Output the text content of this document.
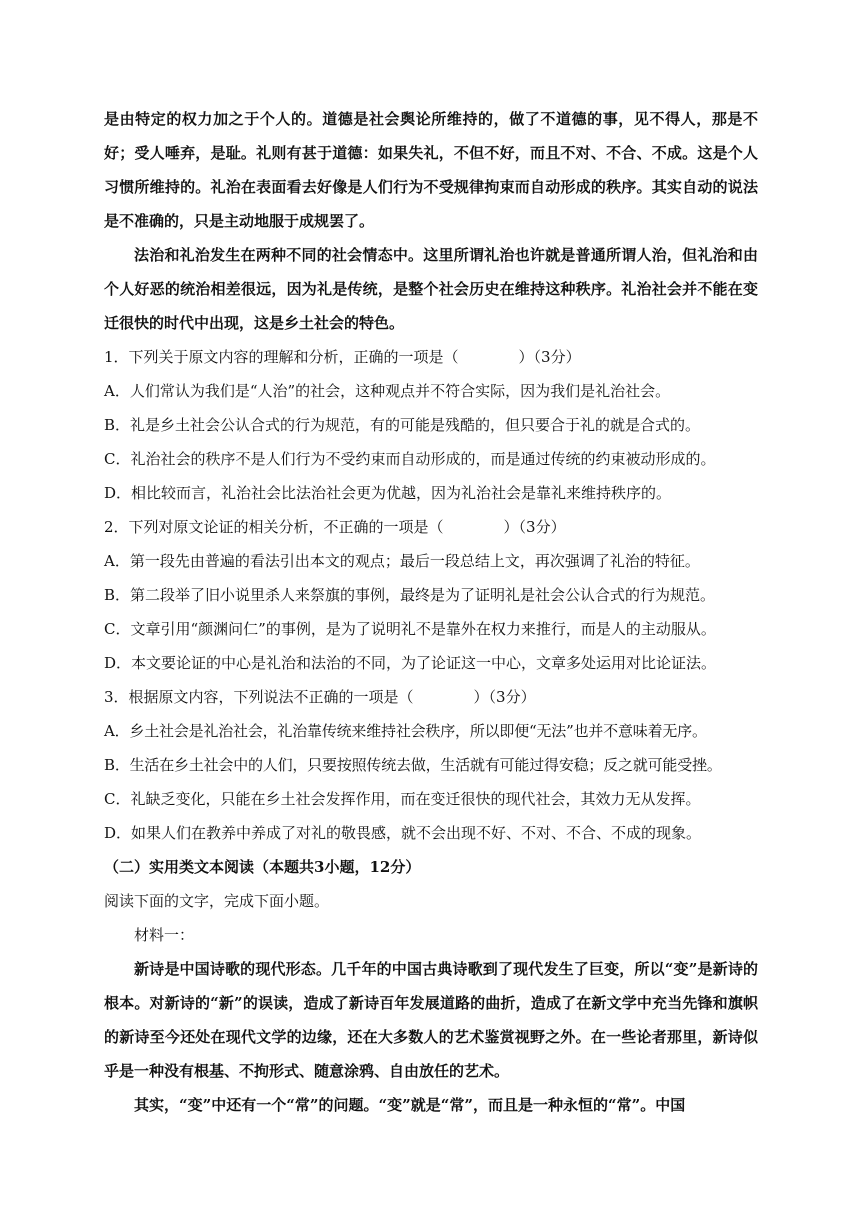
是由特定的权力加之于个人的。道德是社会舆论所维持的，做了不道德的事，见不得人，那是不好；受人唾弃，是耻。礼则有甚于道德：如果失礼，不但不好，而且不对、不合、不成。这是个人习惯所维持的。礼治在表面看去好像是人们行为不受规律拘束而自动形成的秩序。其实自动的说法是不准确的，只是主动地服于成规罢了。

法治和礼治发生在两种不同的社会情态中。这里所谓礼治也许就是普通所谓人治，但礼治和由个人好恶的统治相差很远，因为礼是传统，是整个社会历史在维持这种秩序。礼治社会并不能在变迁很快的时代中出现，这是乡土社会的特色。

1．下列关于原文内容的理解和分析，正确的一项是（　　　　）（3分）

A．人们常认为我们是“人治”的社会，这种观点并不符合实际，因为我们是礼治社会。

B．礼是乡土社会公认合式的行为规范，有的可能是残酷的，但只要合于礼的就是合式的。

C．礼治社会的秩序不是人们行为不受约束而自动形成的，而是通过传统的约束被动形成的。

D．相比较而言，礼治社会比法治社会更为优越，因为礼治社会是靠礼来维持秩序的。

2．下列对原文论证的相关分析，不正确的一项是（　　　　）（3分）

A．第一段先由普遍的看法引出本文的观点；最后一段总结上文，再次强调了礼治的特征。

B．第二段举了旧小说里杀人来祭旗的事例，最终是为了证明礼是社会公认合式的行为规范。

C．文章引用“颜渊问仁”的事例，是为了说明礼不是靠外在权力来推行，而是人的主动服从。

D．本文要论证的中心是礼治和法治的不同，为了论证这一中心，文章多处运用对比论证法。

3．根据原文内容，下列说法不正确的一项是（　　　　）（3分）

A．乡土社会是礼治社会，礼治靠传统来维持社会秩序，所以即便“无法”也并不意味着无序。

B．生活在乡土社会中的人们，只要按照传统去做，生活就有可能过得安稳；反之就可能受挫。

C．礼缺乏变化，只能在乡土社会发挥作用，而在变迁很快的现代社会，其效力无从发挥。

D．如果人们在教养中养成了对礼的敬畏感，就不会出现不好、不对、不合、不成的现象。

（二）实用类文本阅读（本题共3小题，12分）

阅读下面的文字，完成下面小题。

材料一：

新诗是中国诗歌的现代形态。几千年的中国古典诗歌到了现代发生了巨变，所以“变”是新诗的根本。对新诗的“新”的误读，造成了新诗百年发展道路的曲折，造成了在新文学中充当先锋和旗帜的新诗至今还处在现代文学的边缘，还在大多数人的艺术鉴赏视野之外。在一些论者那里，新诗似乎是一种没有根基、不拘形式、随意涂鸦、自由放任的艺术。

其实，“变”中还有一个“常”的问题。“变”就是“常”，而且是一种永恒的“常”。中国
